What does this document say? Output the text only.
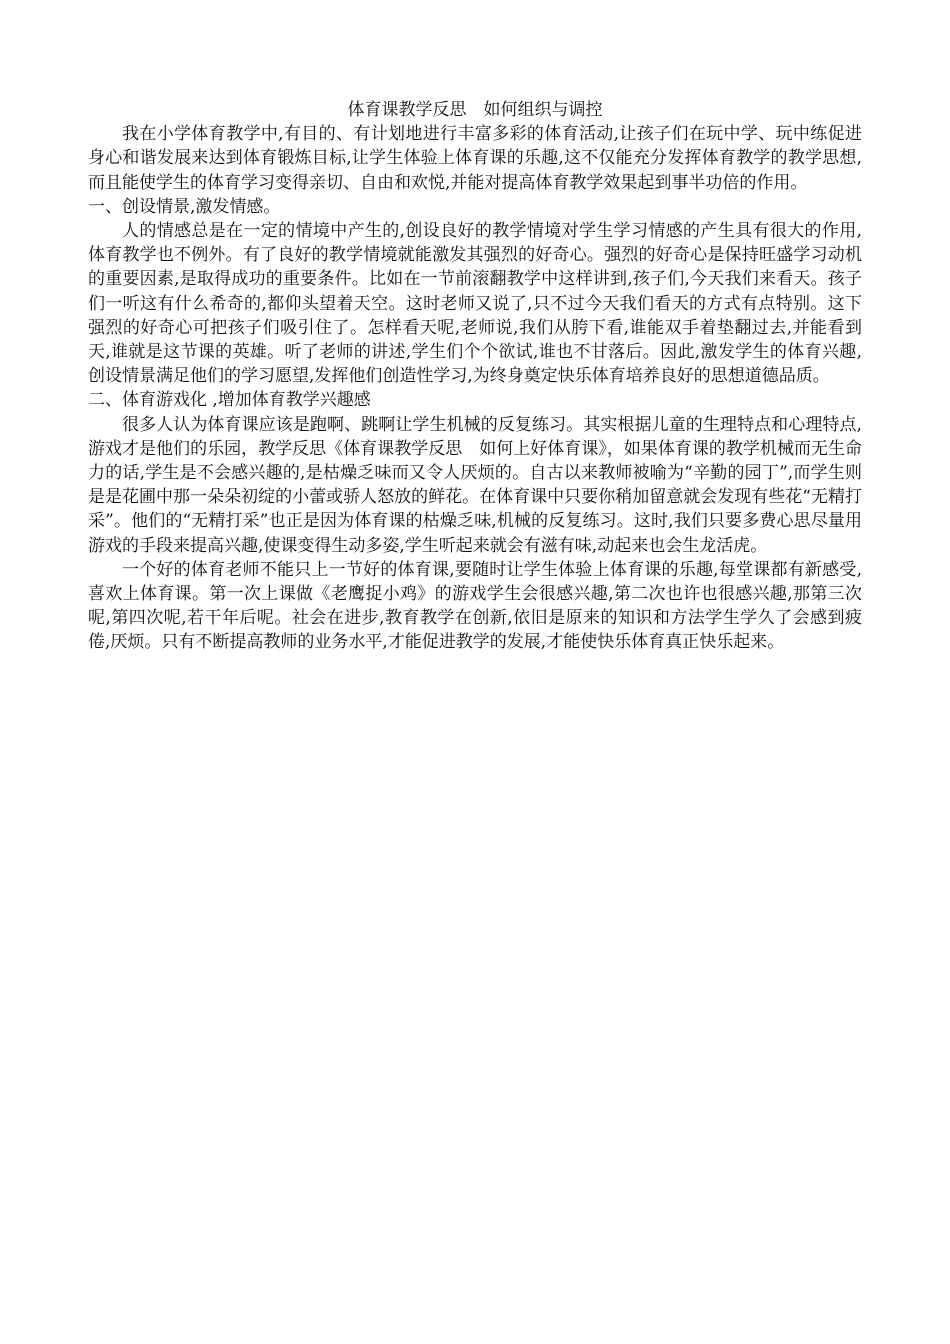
体育课教学反思　如何组织与调控

我在小学体育教学中,有目的、有计划地进行丰富多彩的体育活动,让孩子们在玩中学、玩中练促进身心和谐发展来达到体育锻炼目标,让学生体验上体育课的乐趣,这不仅能充分发挥体育教学的教学思想,而且能使学生的体育学习变得亲切、自由和欢悦,并能对提高体育教学效果起到事半功倍的作用。

一、创设情景,激发情感。

人的情感总是在一定的情境中产生的,创设良好的教学情境对学生学习情感的产生具有很大的作用,体育教学也不例外。有了良好的教学情境就能激发其强烈的好奇心。强烈的好奇心是保持旺盛学习动机的重要因素,是取得成功的重要条件。比如在一节前滚翻教学中这样讲到,孩子们,今天我们来看天。孩子们一听这有什么希奇的,都仰头望着天空。这时老师又说了,只不过今天我们看天的方式有点特别。这下强烈的好奇心可把孩子们吸引住了。怎样看天呢,老师说,我们从胯下看,谁能双手着垫翻过去,并能看到天,谁就是这节课的英雄。听了老师的讲述,学生们个个欲试,谁也不甘落后。因此,激发学生的体育兴趣,创设情景满足他们的学习愿望,发挥他们创造性学习,为终身奠定快乐体育培养良好的思想道德品质。

二、体育游戏化 ,增加体育教学兴趣感

很多人认为体育课应该是跑啊、跳啊让学生机械的反复练习。其实根据儿童的生理特点和心理特点,游戏才是他们的乐园，教学反思《体育课教学反思　如何上好体育课》，如果体育课的教学机械而无生命力的话,学生是不会感兴趣的,是枯燥乏味而又令人厌烦的。自古以来教师被喻为“辛勤的园丁”,而学生则是是花圃中那一朵朵初绽的小蕾或骄人怒放的鲜花。在体育课中只要你稍加留意就会发现有些花“无精打采”。他们的“无精打采”也正是因为体育课的枯燥乏味,机械的反复练习。这时,我们只要多费心思尽量用游戏的手段来提高兴趣,使课变得生动多姿,学生听起来就会有滋有味,动起来也会生龙活虎。

一个好的体育老师不能只上一节好的体育课,要随时让学生体验上体育课的乐趣,每堂课都有新感受,喜欢上体育课。第一次上课做《老鹰捉小鸡》的游戏学生会很感兴趣,第二次也许也很感兴趣,那第三次呢,第四次呢,若干年后呢。社会在进步,教育教学在创新,依旧是原来的知识和方法学生学久了会感到疲倦,厌烦。只有不断提高教师的业务水平,才能促进教学的发展,才能使快乐体育真正快乐起来。
